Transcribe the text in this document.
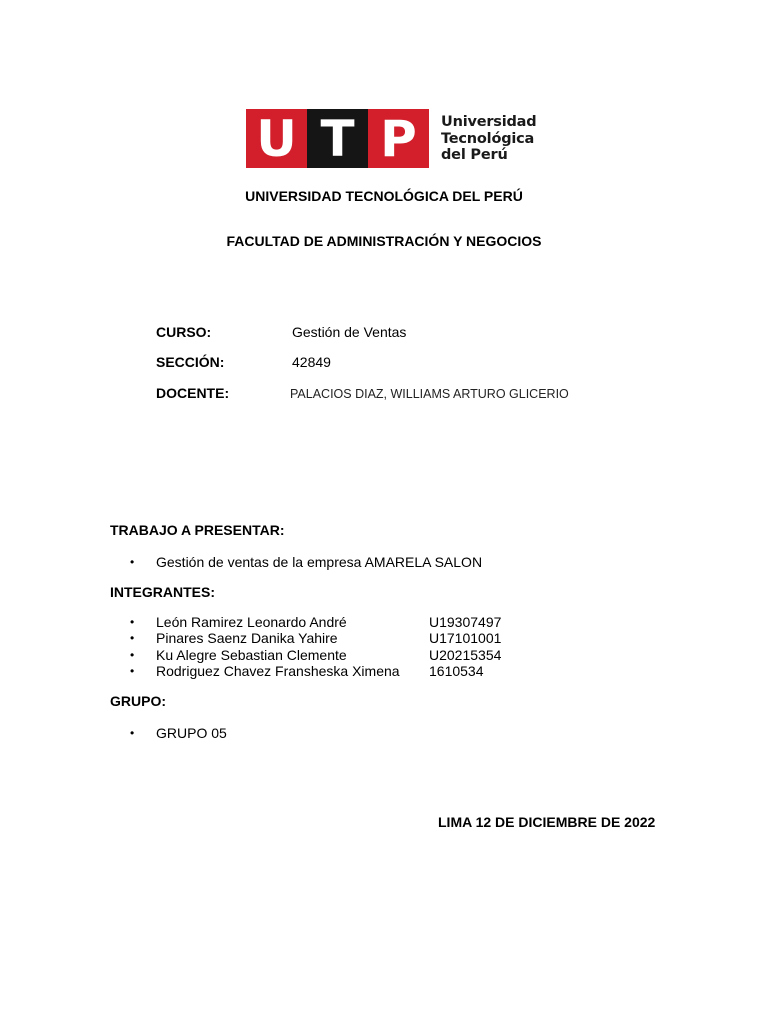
U T P	Universidad
Tecnológica
del Perú
UNIVERSIDAD TECNOLÓGICA DEL PERÚ
FACULTAD DE ADMINISTRACIÓN Y NEGOCIOS
CURSO:	Gestión de Ventas
SECCIÓN:	42849
DOCENTE:	PALACIOS DIAZ, WILLIAMS ARTURO GLICERIO
TRABAJO A PRESENTAR:
• Gestión de ventas de la empresa AMARELA SALON
INTEGRANTES:
• León Ramirez Leonardo André	U19307497
• Pinares Saenz Danika Yahire	U17101001
• Ku Alegre Sebastian Clemente	U20215354
• Rodriguez Chavez Fransheska Ximena 1610534
GRUPO:
• GRUPO 05
LIMA 12 DE DICIEMBRE DE 2022
